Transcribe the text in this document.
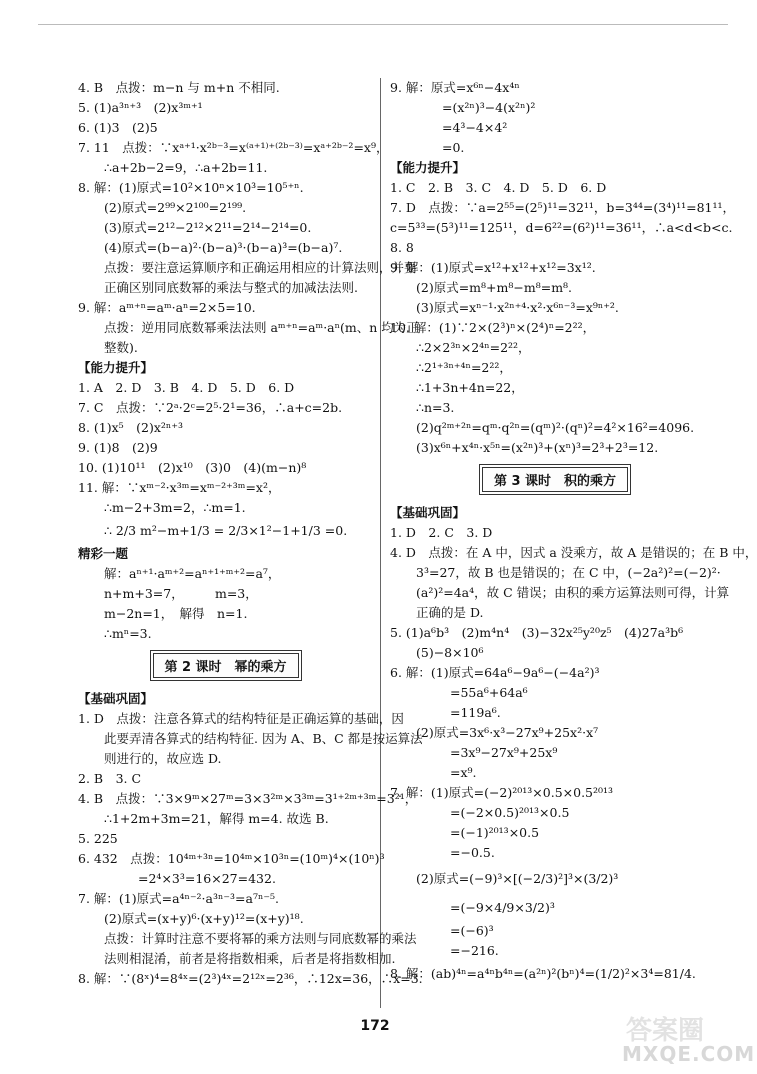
4. B　点拨：m−n 与 m+n 不相同.
5. (1)a³ⁿ⁺³　(2)x³ᵐ⁺¹
6. (1)3　(2)5
7. 11　点拨：∵xᵃ⁺¹·x²ᵇ⁻³=x⁽ᵃ⁺¹⁾⁺⁽²ᵇ⁻³⁾=xᵃ⁺²ᵇ⁻²=x⁹，
∴a+2b−2=9，∴a+2b=11.
8. 解：(1)原式=10²×10ⁿ×10³=10⁵⁺ⁿ.
(2)原式=2⁹⁹×2¹⁰⁰=2¹⁹⁹.
(3)原式=2¹²−2¹²×2¹¹=2¹⁴−2¹⁴=0.
(4)原式=(b−a)²·(b−a)³·(b−a)³=(b−a)⁷.
点拨：要注意运算顺序和正确运用相应的计算法则，并要
正确区别同底数幂的乘法与整式的加减法法则.
9. 解：aᵐ⁺ⁿ=aᵐ·aⁿ=2×5=10.
点拨：逆用同底数幂乘法法则 aᵐ⁺ⁿ=aᵐ·aⁿ(m、n 均为正
整数).
【能力提升】
1. A　2. D　3. B　4. D　5. D　6. D
7. C　点拨：∵2ᵃ·2ᶜ=2⁵·2¹=36，∴a+c=2b.
8. (1)x⁵　(2)x²ⁿ⁺³
9. (1)8　(2)9
10. (1)10¹¹　(2)x¹⁰　(3)0　(4)(m−n)⁸
11. 解：∵xᵐ⁻²·x³ᵐ=xᵐ⁻²⁺³ᵐ=x²，
∴m−2+3m=2，∴m=1.
∴ 2/3 m²−m+1/3 = 2/3×1²−1+1/3 =0.
精彩一题
解：aⁿ⁺¹·aᵐ⁺²=aⁿ⁺¹⁺ᵐ⁺²=a⁷，
n+m+3=7，　　　m=3，
m−2n=1，　解得　n=1.
∴mⁿ=3.
第 2 课时　幂的乘方
【基础巩固】
1. D　点拨：注意各算式的结构特征是正确运算的基础，因
此要弄清各算式的结构特征. 因为 A、B、C 都是按运算法
则进行的，故应选 D.
2. B　3. C
4. B　点拨：∵3×9ᵐ×27ᵐ=3×3²ᵐ×3³ᵐ=3¹⁺²ᵐ⁺³ᵐ=3²¹，
∴1+2m+3m=21，解得 m=4. 故选 B.
5. 225
6. 432　点拨：10⁴ᵐ⁺³ⁿ=10⁴ᵐ×10³ⁿ=(10ᵐ)⁴×(10ⁿ)³
=2⁴×3³=16×27=432.
7. 解：(1)原式=a⁴ⁿ⁻²·a³ⁿ⁻³=a⁷ⁿ⁻⁵.
(2)原式=(x+y)⁶·(x+y)¹²=(x+y)¹⁸.
点拨：计算时注意不要将幂的乘方法则与同底数幂的乘法
法则相混淆，前者是将指数相乘，后者是将指数相加.
8. 解：∵(8ˣ)⁴=8⁴ˣ=(2³)⁴ˣ=2¹²ˣ=2³⁶，∴12x=36，∴x=3.
9. 解：原式=x⁶ⁿ−4x⁴ⁿ
=(x²ⁿ)³−4(x²ⁿ)²
=4³−4×4²
=0.
【能力提升】
1. C　2. B　3. C　4. D　5. D　6. D
7. D　点拨：∵a=2⁵⁵=(2⁵)¹¹=32¹¹，b=3⁴⁴=(3⁴)¹¹=81¹¹，
c=5³³=(5³)¹¹=125¹¹，d=6²²=(6²)¹¹=36¹¹，∴a<d<b<c.
8. 8
9. 解：(1)原式=x¹²+x¹²+x¹²=3x¹².
(2)原式=m⁸+m⁸−m⁸=m⁸.
(3)原式=xⁿ⁻¹·x²ⁿ⁺⁴·x²·x⁶ⁿ⁻³=x⁹ⁿ⁺².
10. 解：(1)∵2×(2³)ⁿ×(2⁴)ⁿ=2²²，
∴2×2³ⁿ×2⁴ⁿ=2²²，
∴2¹⁺³ⁿ⁺⁴ⁿ=2²²，
∴1+3n+4n=22，
∴n=3.
(2)q²ᵐ⁺²ⁿ=qᵐ·q²ⁿ=(qᵐ)²·(qⁿ)²=4²×16²=4096.
(3)x⁶ⁿ+x⁴ⁿ·x⁵ⁿ=(x²ⁿ)³+(xⁿ)³=2³+2³=12.
第 3 课时　积的乘方
【基础巩固】
1. D　2. C　3. D
4. D　点拨：在 A 中，因式 a 没乘方，故 A 是错误的；在 B 中，
3³=27，故 B 也是错误的；在 C 中，(−2a²)²=(−2)²·
(a²)²=4a⁴，故 C 错误；由积的乘方运算法则可得，计算
正确的是 D.
5. (1)a⁶b³　(2)m⁴n⁴　(3)−32x²⁵y²⁰z⁵　(4)27a³b⁶
(5)−8×10⁶
6. 解：(1)原式=64a⁶−9a⁶−(−4a²)³
=55a⁶+64a⁶
=119a⁶.
(2)原式=3x⁶·x³−27x⁹+25x²·x⁷
=3x⁹−27x⁹+25x⁹
=x⁹.
7. 解：(1)原式=(−2)²⁰¹³×0.5×0.5²⁰¹³
=(−2×0.5)²⁰¹³×0.5
=(−1)²⁰¹³×0.5
=−0.5.
(2)原式=(−9)³×[(−2/3)²]³×(3/2)³
=(−9×4/9×3/2)³
=(−6)³
=−216.
8. 解：(ab)⁴ⁿ=a⁴ⁿb⁴ⁿ=(a²ⁿ)²(bⁿ)⁴=(1/2)²×3⁴=81/4.
172	答案圈
MXQE.COM
